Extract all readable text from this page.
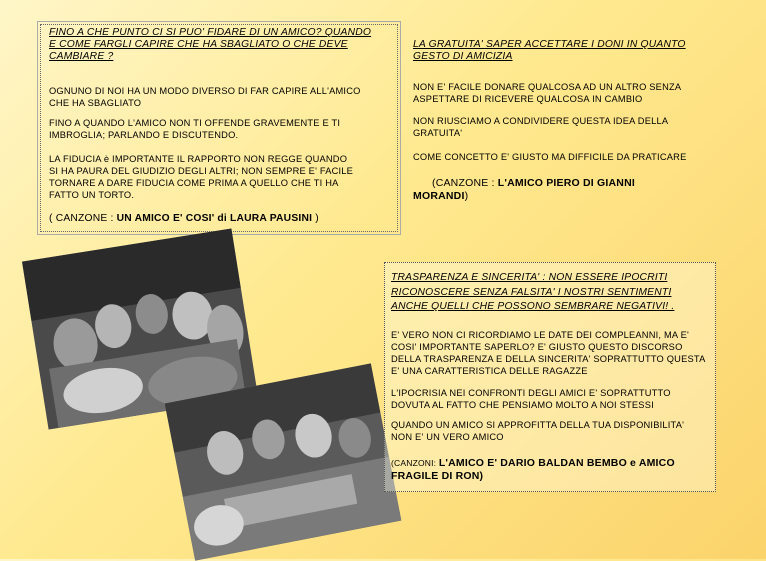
FINO A CHE PUNTO CI SI PUO' FIDARE DI UN AMICO? QUANDO E COME FARGLI CAPIRE CHE HA SBAGLIATO O CHE DEVE CAMBIARE ?
OGNUNO DI NOI HA UN MODO DIVERSO DI FAR CAPIRE ALL'AMICO CHE HA SBAGLIATO
FINO A QUANDO L'AMICO NON TI OFFENDE GRAVEMENTE E TI IMBROGLIA; PARLANDO E DISCUTENDO.
LA FIDUCIA è IMPORTANTE IL RAPPORTO NON REGGE QUANDO SI HA PAURA DEL GIUDIZIO DEGLI ALTRI; NON SEMPRE E' FACILE TORNARE A DARE FIDUCIA COME PRIMA A QUELLO CHE TI HA FATTO UN TORTO.
( CANZONE : UN AMICO E' COSI' di LAURA PAUSINI )
LA GRATUITA' SAPER ACCETTARE I DONI IN QUANTO GESTO DI AMICIZIA
NON E' FACILE DONARE QUALCOSA AD UN ALTRO SENZA ASPETTARE DI RICEVERE QUALCOSA IN CAMBIO
NON RIUSCIAMO A CONDIVIDERE QUESTA IDEA DELLA GRATUITA'
COME CONCETTO E' GIUSTO MA DIFFICILE DA PRATICARE
(CANZONE : L'AMICO PIERO DI GIANNI MORANDI)
TRASPARENZA E SINCERITA' : NON ESSERE IPOCRITI RICONOSCERE SENZA FALSITA' I NOSTRI SENTIMENTI ANCHE QUELLI CHE POSSONO SEMBRARE NEGATIVI! .
E' VERO NON CI RICORDIAMO LE DATE DEI COMPLEANNI, MA E' COSI' IMPORTANTE SAPERLO? E' GIUSTO QUESTO DISCORSO DELLA TRASPARENZA E DELLA SINCERITA' SOPRATTUTTO QUESTA E' UNA CARATTERISTICA DELLE RAGAZZE
L'IPOCRISIA NEI CONFRONTI DEGLI AMICI E' SOPRATTUTTO DOVUTA AL FATTO CHE PENSIAMO MOLTO A NOI STESSI
QUANDO UN AMICO SI APPROFITTA DELLA TUA DISPONIBILITA' NON E' UN VERO AMICO
(CANZONI: L'AMICO E' DARIO BALDAN BEMBO e AMICO FRAGILE DI RON)
